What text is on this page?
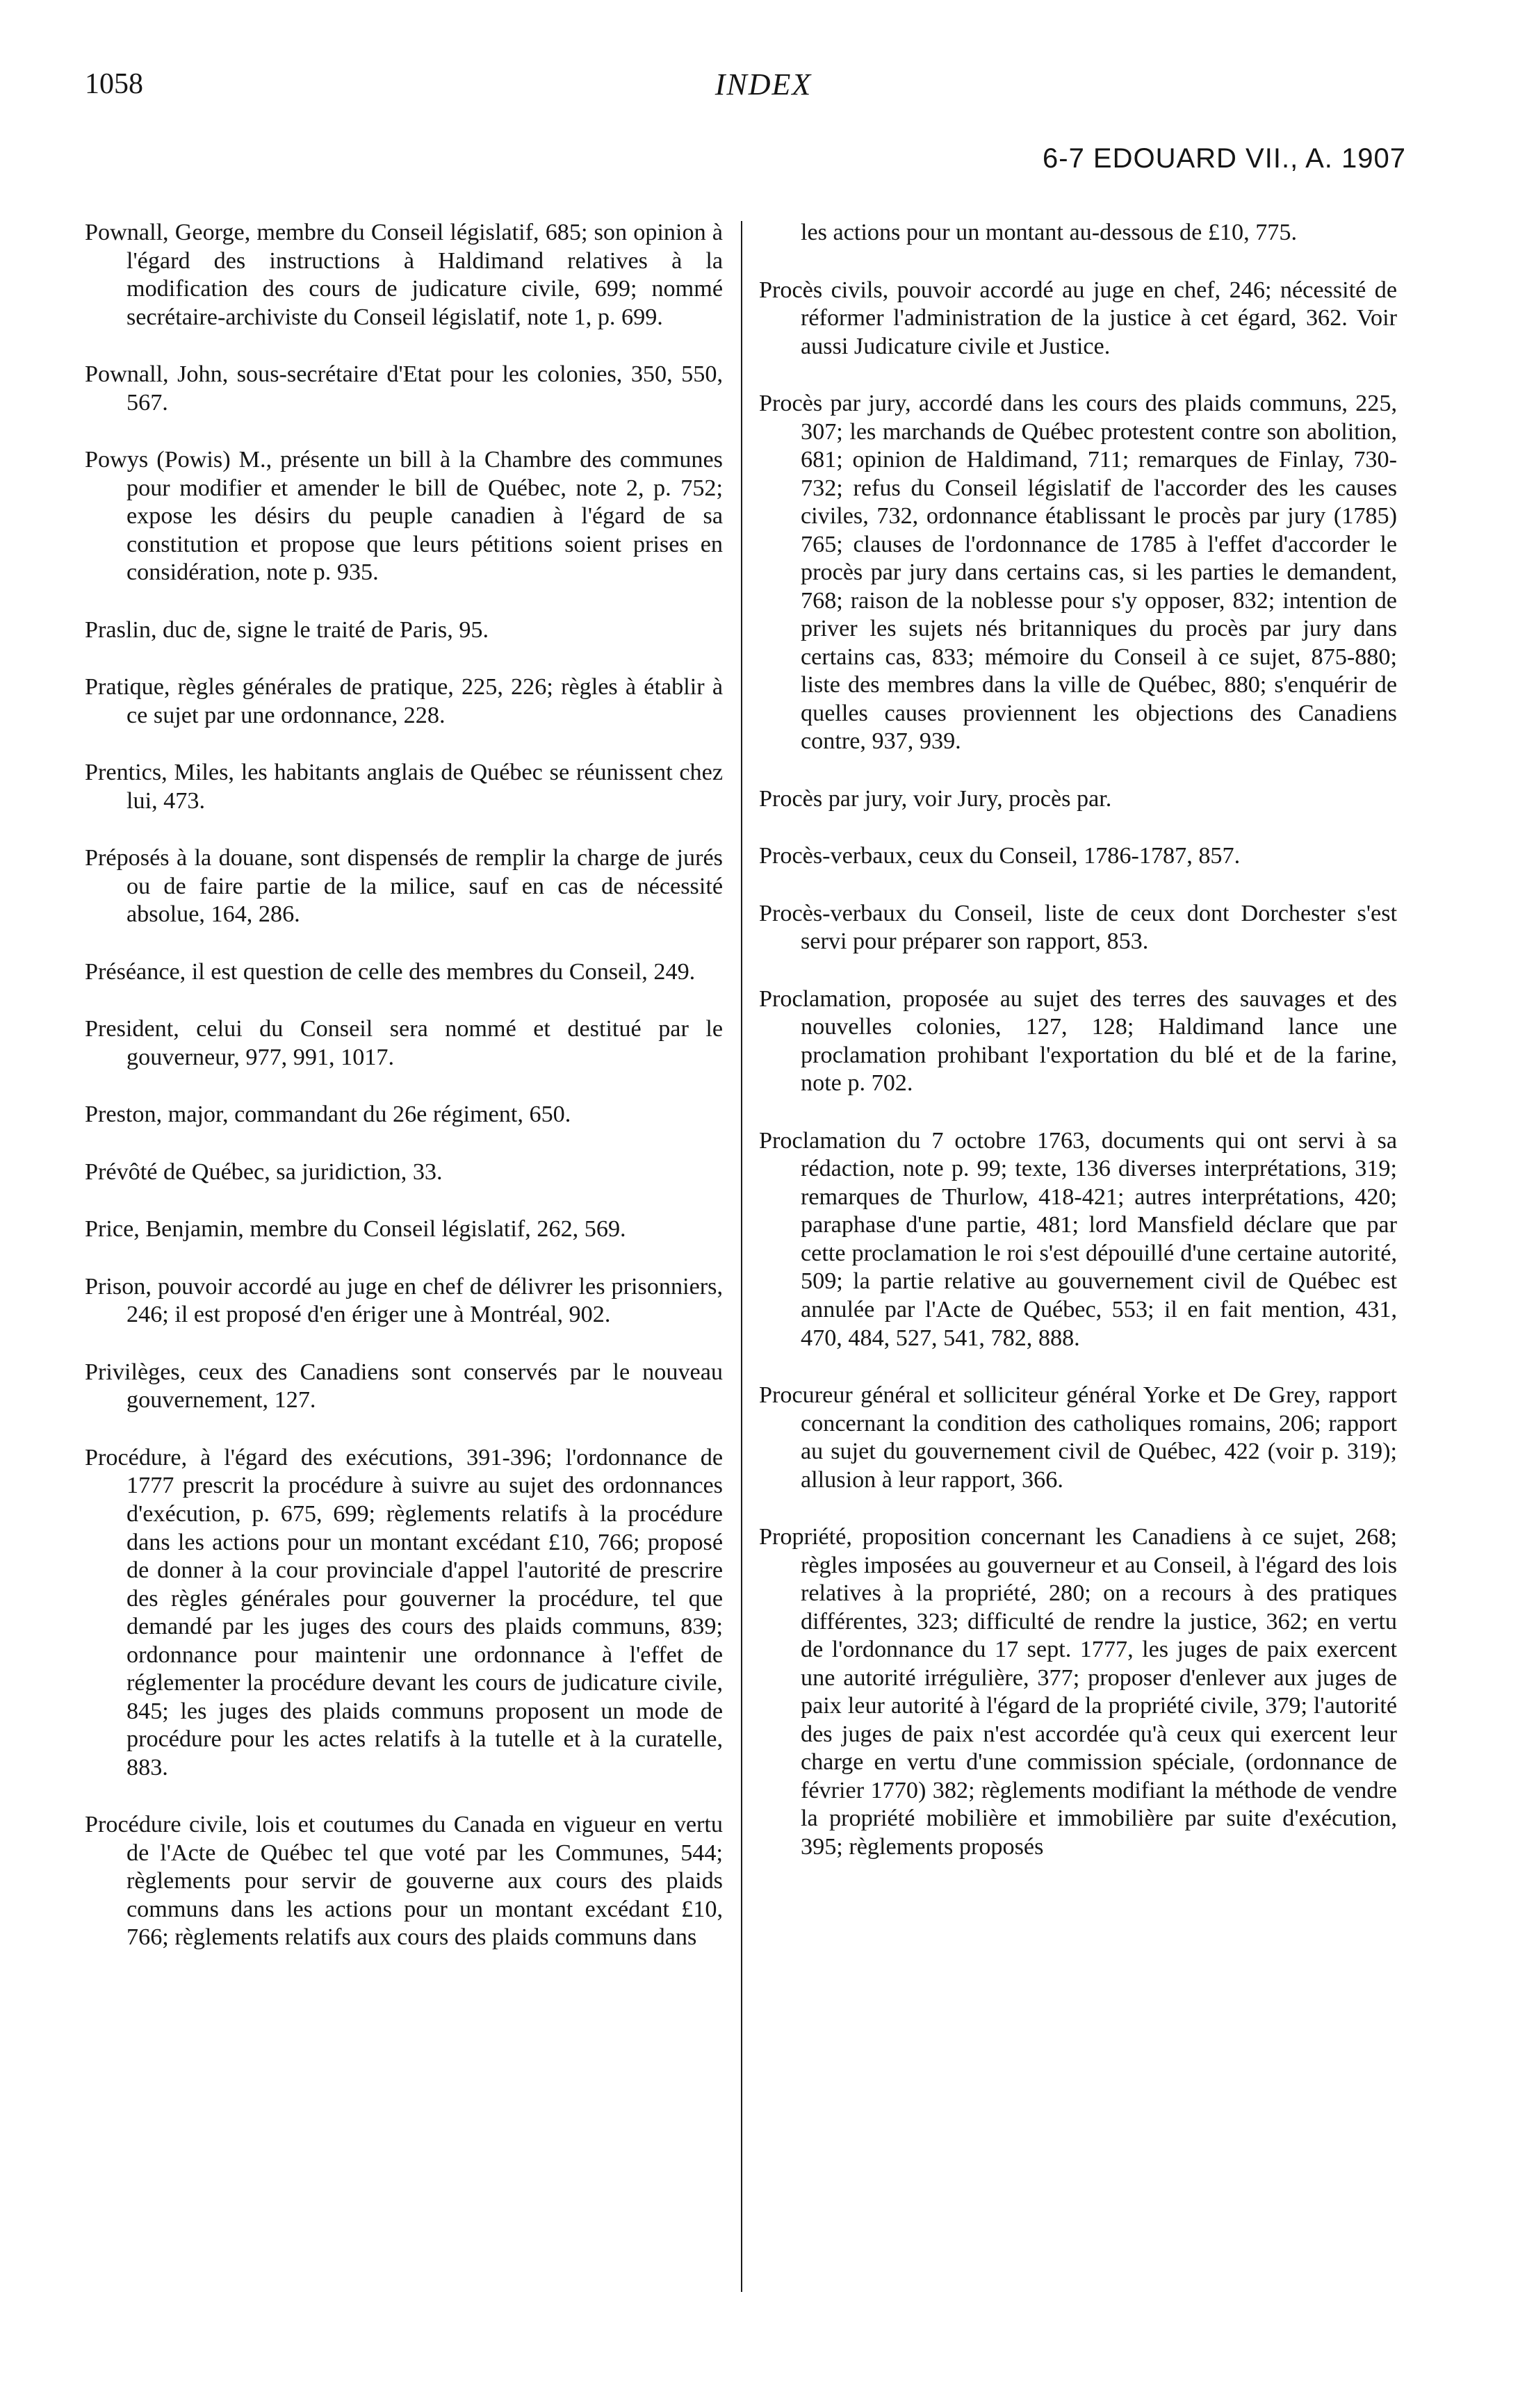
1058	INDEX
6-7 EDOUARD VII., A. 1907

Pownall, George, membre du Conseil législatif, 685; son opinion à l'égard des instructions à Haldimand relatives à la modification des cours de judicature civile, 699; nommé secrétaire-archiviste du Conseil législatif, note 1, p. 699.

Pownall, John, sous-secrétaire d'Etat pour les colonies, 350, 550, 567.

Powys (Powis) M., présente un bill à la Chambre des communes pour modifier et amender le bill de Québec, note 2, p. 752; expose les désirs du peuple canadien à l'égard de sa constitution et propose que leurs pétitions soient prises en considération, note p. 935.

Praslin, duc de, signe le traité de Paris, 95.

Pratique, règles générales de pratique, 225, 226; règles à établir à ce sujet par une ordonnance, 228.

Prentics, Miles, les habitants anglais de Québec se réunissent chez lui, 473.

Préposés à la douane, sont dispensés de remplir la charge de jurés ou de faire partie de la milice, sauf en cas de nécessité absolue, 164, 286.

Préséance, il est question de celle des membres du Conseil, 249.

President, celui du Conseil sera nommé et destitué par le gouverneur, 977, 991, 1017.

Preston, major, commandant du 26e régiment, 650.

Prévôté de Québec, sa juridiction, 33.

Price, Benjamin, membre du Conseil législatif, 262, 569.

Prison, pouvoir accordé au juge en chef de délivrer les prisonniers, 246; il est proposé d'en ériger une à Montréal, 902.

Privilèges, ceux des Canadiens sont conservés par le nouveau gouvernement, 127.

Procédure, à l'égard des exécutions, 391-396; l'ordonnance de 1777 prescrit la procédure à suivre au sujet des ordonnances d'exécution, p. 675, 699; règlements relatifs à la procédure dans les actions pour un montant excédant £10, 766; proposé de donner à la cour provinciale d'appel l'autorité de prescrire des règles générales pour gouverner la procédure, tel que demandé par les juges des cours des plaids communs, 839; ordonnance pour maintenir une ordonnance à l'effet de réglementer la procédure devant les cours de judicature civile, 845; les juges des plaids communs proposent un mode de procédure pour les actes relatifs à la tutelle et à la curatelle, 883.

Procédure civile, lois et coutumes du Canada en vigueur en vertu de l'Acte de Québec tel que voté par les Communes, 544; règlements pour servir de gouverne aux cours des plaids communs dans les actions pour un montant excédant £10, 766; règlements relatifs aux cours des plaids communs dans

les actions pour un montant au-dessous de £10, 775.

Procès civils, pouvoir accordé au juge en chef, 246; nécessité de réformer l'administration de la justice à cet égard, 362. Voir aussi Judicature civile et Justice.

Procès par jury, accordé dans les cours des plaids communs, 225, 307; les marchands de Québec protestent contre son abolition, 681; opinion de Haldimand, 711; remarques de Finlay, 730-732; refus du Conseil législatif de l'accorder des les causes civiles, 732, ordonnance établissant le procès par jury (1785) 765; clauses de l'ordonnance de 1785 à l'effet d'accorder le procès par jury dans certains cas, si les parties le demandent, 768; raison de la noblesse pour s'y opposer, 832; intention de priver les sujets nés britanniques du procès par jury dans certains cas, 833; mémoire du Conseil à ce sujet, 875-880; liste des membres dans la ville de Québec, 880; s'enquérir de quelles causes proviennent les objections des Canadiens contre, 937, 939.

Procès par jury, voir Jury, procès par.

Procès-verbaux, ceux du Conseil, 1786-1787, 857.

Procès-verbaux du Conseil, liste de ceux dont Dorchester s'est servi pour préparer son rapport, 853.

Proclamation, proposée au sujet des terres des sauvages et des nouvelles colonies, 127, 128; Haldimand lance une proclamation prohibant l'exportation du blé et de la farine, note p. 702.

Proclamation du 7 octobre 1763, documents qui ont servi à sa rédaction, note p. 99; texte, 136 diverses interprétations, 319; remarques de Thurlow, 418-421; autres interprétations, 420; paraphase d'une partie, 481; lord Mansfield déclare que par cette proclamation le roi s'est dépouillé d'une certaine autorité, 509; la partie relative au gouvernement civil de Québec est annulée par l'Acte de Québec, 553; il en fait mention, 431, 470, 484, 527, 541, 782, 888.

Procureur général et solliciteur général Yorke et De Grey, rapport concernant la condition des catholiques romains, 206; rapport au sujet du gouvernement civil de Québec, 422 (voir p. 319); allusion à leur rapport, 366.

Propriété, proposition concernant les Canadiens à ce sujet, 268; règles imposées au gouverneur et au Conseil, à l'égard des lois relatives à la propriété, 280; on a recours à des pratiques différentes, 323; difficulté de rendre la justice, 362; en vertu de l'ordonnance du 17 sept. 1777, les juges de paix exercent une autorité irrégulière, 377; proposer d'enlever aux juges de paix leur autorité à l'égard de la propriété civile, 379; l'autorité des juges de paix n'est accordée qu'à ceux qui exercent leur charge en vertu d'une commission spéciale, (ordonnance de février 1770) 382; règlements modifiant la méthode de vendre la propriété mobilière et immobilière par suite d'exécution, 395; règlements proposés
